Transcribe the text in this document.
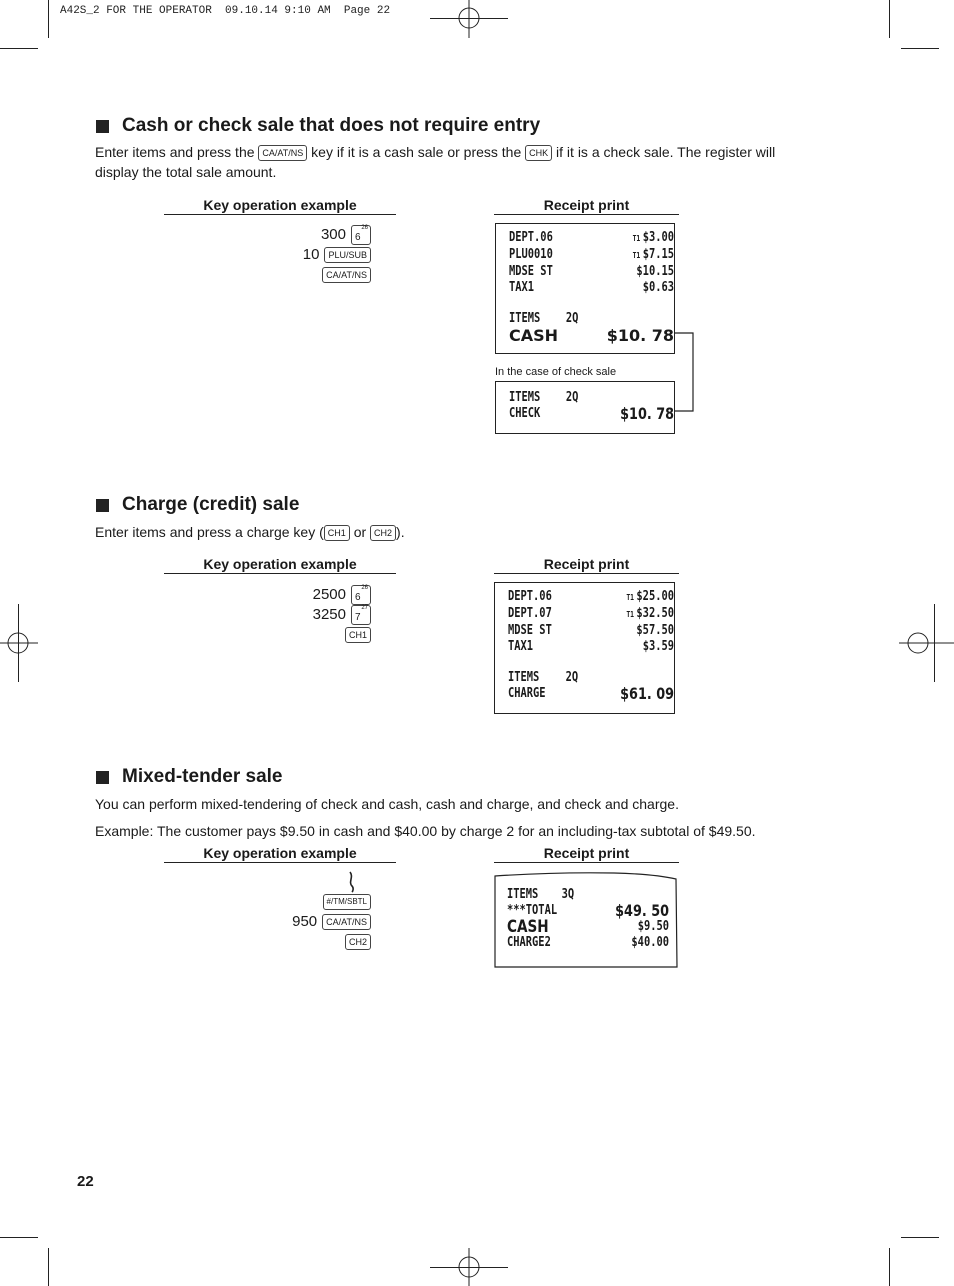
A42S_2 FOR THE OPERATOR  09.10.14 9:10 AM  Page 22
Cash or check sale that does not require entry
Enter items and press the CA/AT/NS key if it is a cash sale or press the CHK if it is a check sale. The register will
display the total sale amount.
Key operation example	Receipt print
300 6
26
10	PLU/SUB
CA/AT/NS
DEPT.06	T1 $3.00
PLU0010	T1 $7.15
MDSE ST	$10.15
TAX1	$0.63
ITEMS 2Q
CASH	$10. 78
In the case of check sale
ITEMS 2Q
CHECK	$10. 78
Charge (credit) sale
Enter items and press a charge key ( CH1 or CH2 ).
Key operation example	Receipt print
2500 6
26
3250 7
27
CH1
DEPT.06	T1 $25.00
DEPT.07	T1 $32.50
MDSE ST	$57.50
TAX1	$3.59
ITEMS 2Q
CHARGE	$61. 09
Mixed-tender sale
You can perform mixed-tendering of check and cash, cash and charge, and check and charge.
Example: The customer pays $9.50 in cash and $40.00 by charge 2 for an including-tax subtotal of $49.50.
Key operation example	Receipt print
#/TM/SBTL
950	CA/AT/NS
CH2
ITEMS 3Q
***TOTAL	$49. 50
CASH	$9.50
CHARGE2	$40.00
22
